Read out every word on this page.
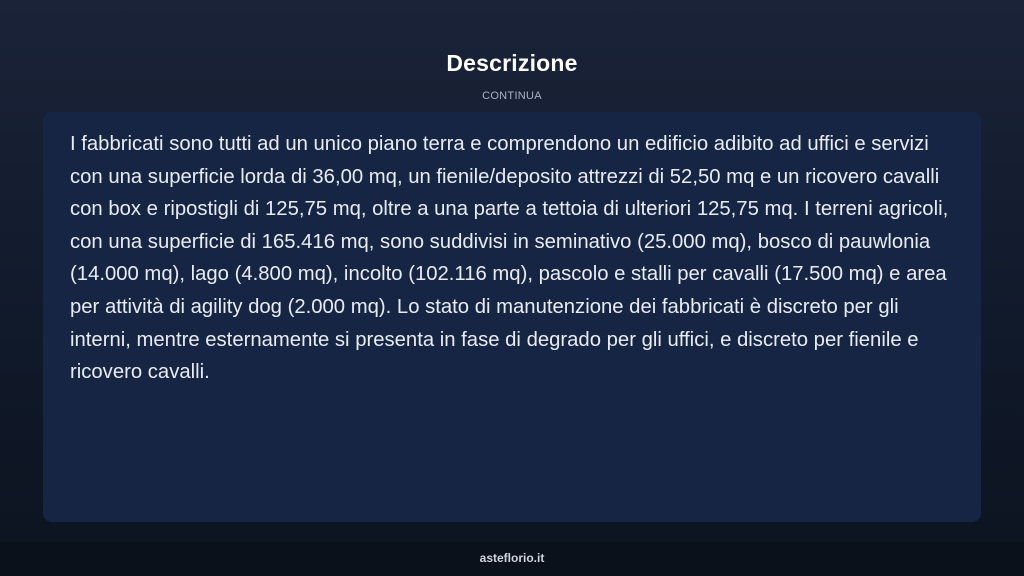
Descrizione
CONTINUA

I fabbricati sono tutti ad un unico piano terra e comprendono un edificio adibito ad uffici e servizi con una superficie lorda di 36,00 mq, un fienile/deposito attrezzi di 52,50 mq e un ricovero cavalli con box e ripostigli di 125,75 mq, oltre a una parte a tettoia di ulteriori 125,75 mq. I terreni agricoli, con una superficie di 165.416 mq, sono suddivisi in seminativo (25.000 mq), bosco di pauwlonia (14.000 mq), lago (4.800 mq), incolto (102.116 mq), pascolo e stalli per cavalli (17.500 mq) e area per attività di agility dog (2.000 mq). Lo stato di manutenzione dei fabbricati è discreto per gli interni, mentre esternamente si presenta in fase di degrado per gli uffici, e discreto per fienile e ricovero cavalli.

asteflorio.it
